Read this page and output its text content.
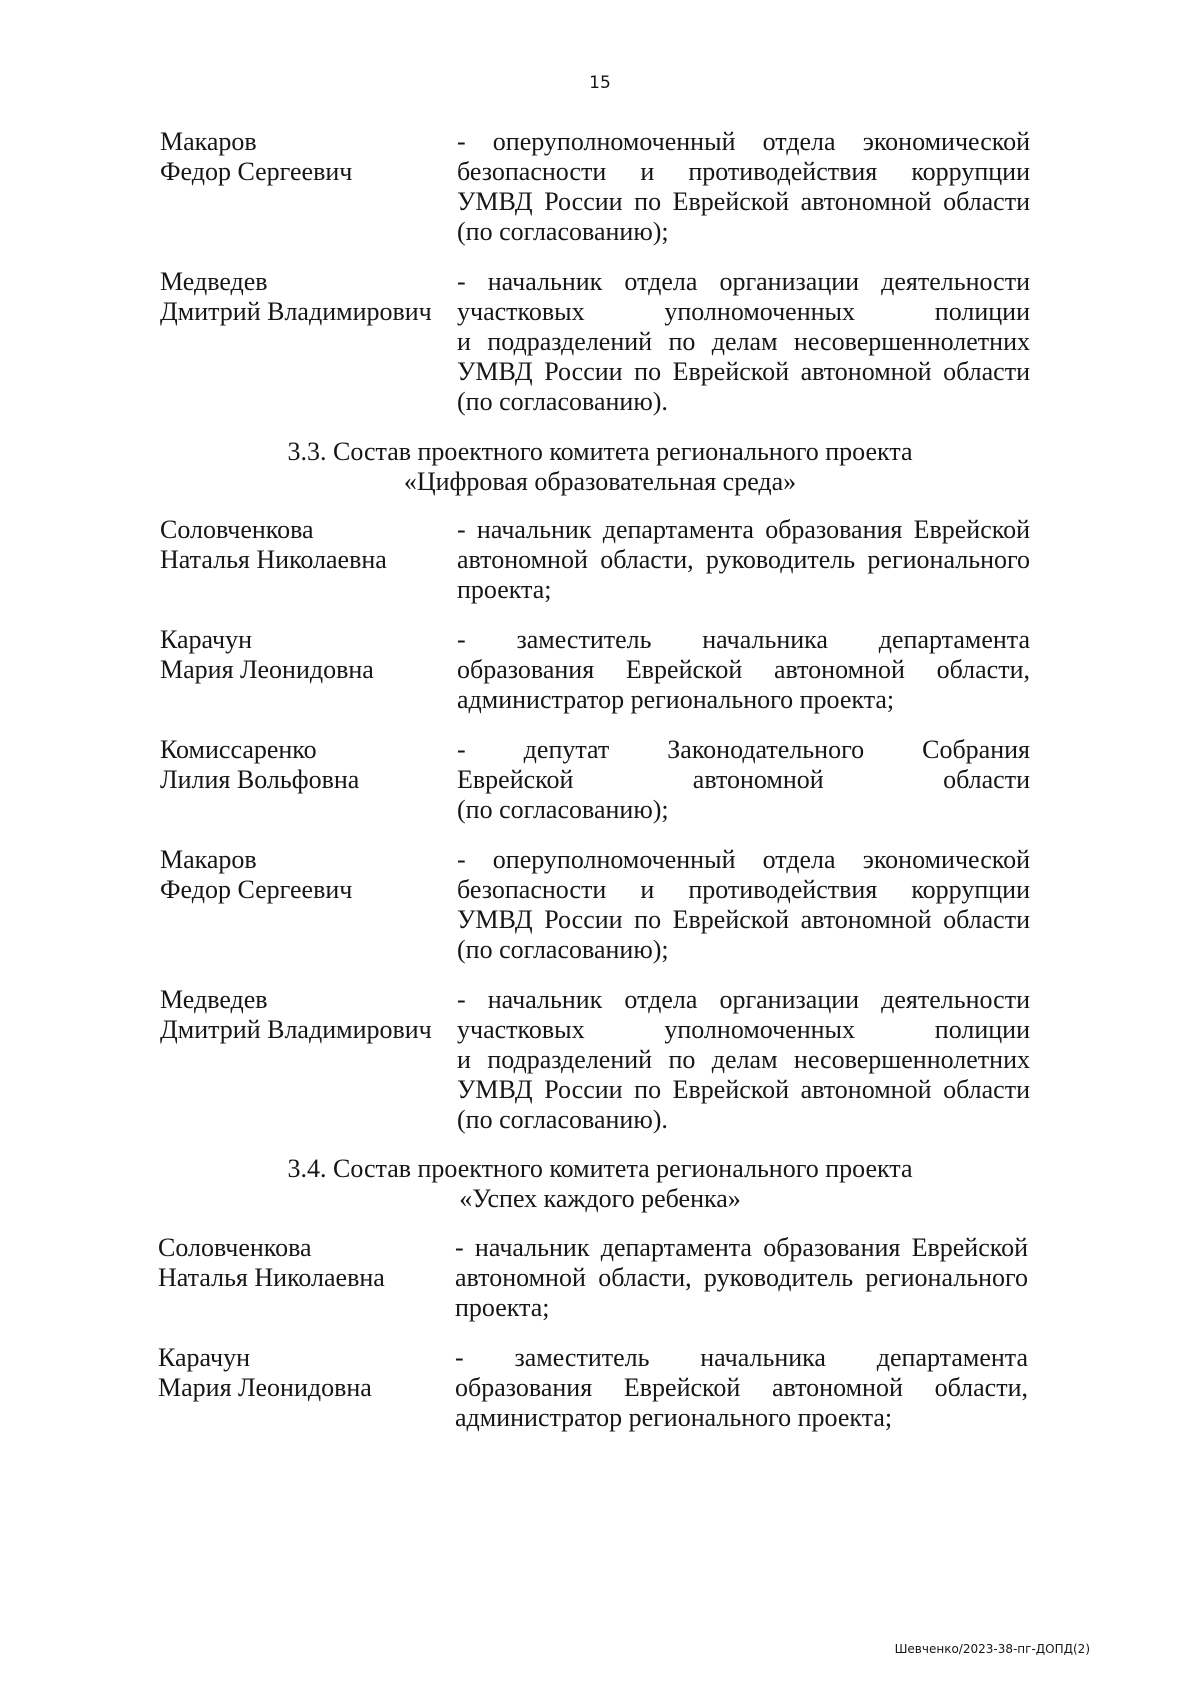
15
Макаров
Федор Сергеевич
- оперуполномоченный отдела экономической
безопасности и противодействия коррупции
УМВД России по Еврейской автономной области
(по согласованию);
Медведев
Дмитрий Владимирович
- начальник отдела организации деятельности
участковых уполномоченных полиции
и подразделений по делам несовершеннолетних
УМВД России по Еврейской автономной области
(по согласованию).
3.3. Состав проектного комитета регионального проекта
«Цифровая образовательная среда»
Соловченкова
Наталья Николаевна
- начальник департамента образования Еврейской
автономной области, руководитель регионального
проекта;
Карачун
Мария Леонидовна
- заместитель начальника департамента
образования Еврейской автономной области,
администратор регионального проекта;
Комиссаренко
Лилия Вольфовна
- депутат Законодательного Собрания
Еврейской автономной области
(по согласованию);
Макаров
Федор Сергеевич
- оперуполномоченный отдела экономической
безопасности и противодействия коррупции
УМВД России по Еврейской автономной области
(по согласованию);
Медведев
Дмитрий Владимирович
- начальник отдела организации деятельности
участковых уполномоченных полиции
и подразделений по делам несовершеннолетних
УМВД России по Еврейской автономной области
(по согласованию).
3.4. Состав проектного комитета регионального проекта
«Успех каждого ребенка»
Соловченкова
Наталья Николаевна
- начальник департамента образования Еврейской
автономной области, руководитель регионального
проекта;
Карачун
Мария Леонидовна
- заместитель начальника департамента
образования Еврейской автономной области,
администратор регионального проекта;
Шевченко/2023-38-пг-ДОПД(2)
